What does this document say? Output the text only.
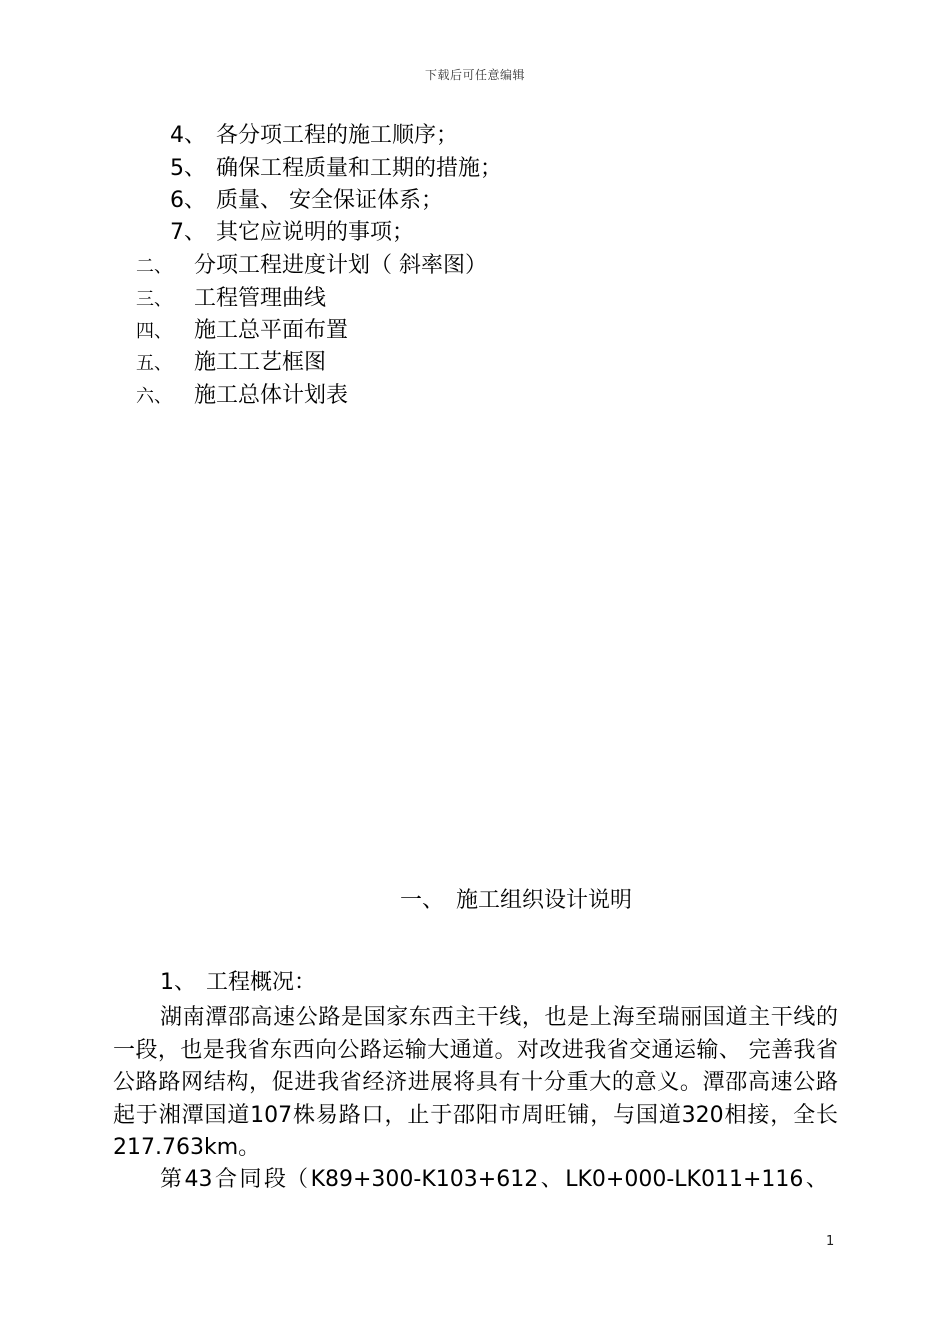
下载后可任意编辑
4、 各分项工程的施工顺序；
5、 确保工程质量和工期的措施；
6、 质量、 安全保证体系；
7、 其它应说明的事项；
二、 分项工程进度计划（ 斜率图）
三、 工程管理曲线
四、 施工总平面布置
五、 施工工艺框图
六、 施工总体计划表
一、 施工组织设计说明
1、 工程概况：
湖南潭邵高速公路是国家东西主干线，也是上海至瑞丽国道主干线的一段，也是我省东西向公路运输大通道。对改进我省交通运输、 完善我省公路路网结构，促进我省经济进展将具有十分重大的意义。潭邵高速公路起于湘潭国道107株易路口，止于邵阳市周旺铺，与国道320相接，全长217.763km。
第 43 合 同 段（ K89+300-K103+612 、 LK0+000-LK011+116 、
1
